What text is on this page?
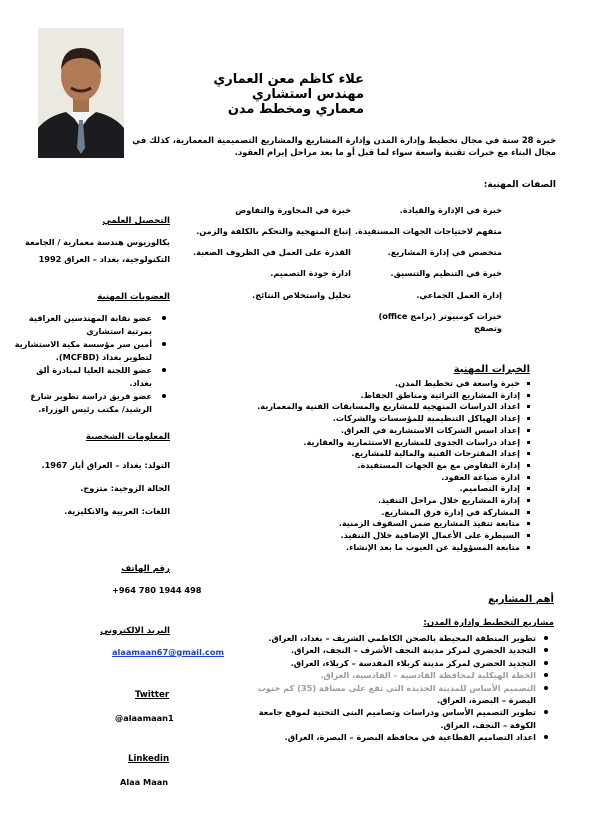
علاء كاظم معن العماري
مهندس استشاري
معماري ومخطط مدن
خبرة 28 سنة في مجال تخطيط وإدارة المدن وإدارة المشاريع والمشاريع التصميمية المعمارية، كذلك في
مجال البناء مع خبرات تقنية واسعة سواء لما قبل أو ما بعد مراحل إبرام العقود.
الصفات المهنية:
خبرة في الإدارة والقيادة.
متفهم لاحتياجات الجهات المستفيدة.
متخصص في إدارة المشاريع.
خبرة في التنظيم والتنسيق.
إدارة العمل الجماعي.
خبرات كومبيوتر (برامج office)
وتصفح
خبرة في المحاورة والتفاوض
إتباع المنهجية والتحكم بالكلفة والزمن.
القدرة على العمل في الظروف الصعبة.
ادارة جودة التصميم.
تحليل واستخلاص النتائج.
الخبرات المهنية
خبرة واسعة في تخطيط المدن.
إدارة المشاريع التراثية ومناطق الحفاظ.
اعداد الدراسات المنهجية للمشاريع والمسابقات الفنية والمعمارية.
إعداد الهياكل التنظيمية للمؤسسات والشركات.
إعداد اسس الشركات الاستشارية في العراق.
إعداد دراسات الجدوى للمشاريع الاستثمارية والعقارية.
إعداد المقترحات الفنية والمالية للمشاريع.
إدارة التفاوض مع مع الجهات المستفيدة.
ادارة صياغة العقود.
إدارة التصاميم.
إدارة المشاريع خلال مراحل التنفيذ.
المشاركة في إدارة فرق المشاريع.
متابعة تنفيذ المشاريع ضمن السقوف الزمنية.
السيطرة على الأعمال الإضافية خلال التنفيذ.
متابعة المسؤولية عن العيوب ما بعد الإنشاء.
أهم المشاريع
مشاريع التخطيط وإدارة المدن:
تطوير المنطقة المحيطة بالصحن الكاظمي الشريف – بغداد، العراق.
التجديد الحضري لمركز مدينة النجف الأشرف – النجف، العراق.
التجديد الحضري لمركز مدينة كربلاء المقدسة – كربلاء، العراق.
الخطة الهيكلية لمحافظة القادسية – القادسية، العراق.
التصميم الأساس للمدينة الجديدة التي تقع على مسافة (35) كم جنوب
البصرة – البصرة، العراق.
تطوير التصميم الأساس ودراسات وتصاميم البنى التحتية لموقع جامعة
الكوفة – النجف، العراق.
اعداد التصاميم القطاعية في محافظة البصرة – البصرة، العراق.
التحصيل العلمي
بكالوريوس هندسة معمارية / الجامعة
التكنولوجية، بغداد – العراق 1992
العضويات المهنية
عضو نقابة المهندسين العراقية
بمرتبة استشاري
أمين سر مؤسسة مكية الاستشارية
لتطوير بغداد (MCFBD).
عضو اللجنة العليا لمبادرة ألق
بغداد.
عضو فريق دراسة تطوير شارع
الرشيد/ مكتب رئيس الوزراء.
المعلومات الشخصية
التولد: بغداد – العراق أيار 1967.
الحالة الزوجية: متزوج.
اللغات: العربية والانكليزية.
رقم الهاتف
+964 780 1944 498
البريد الالكتروني
alaamaan67@gmail.com
Twitter
@alaamaan1
Linkedin
Alaa Maan
